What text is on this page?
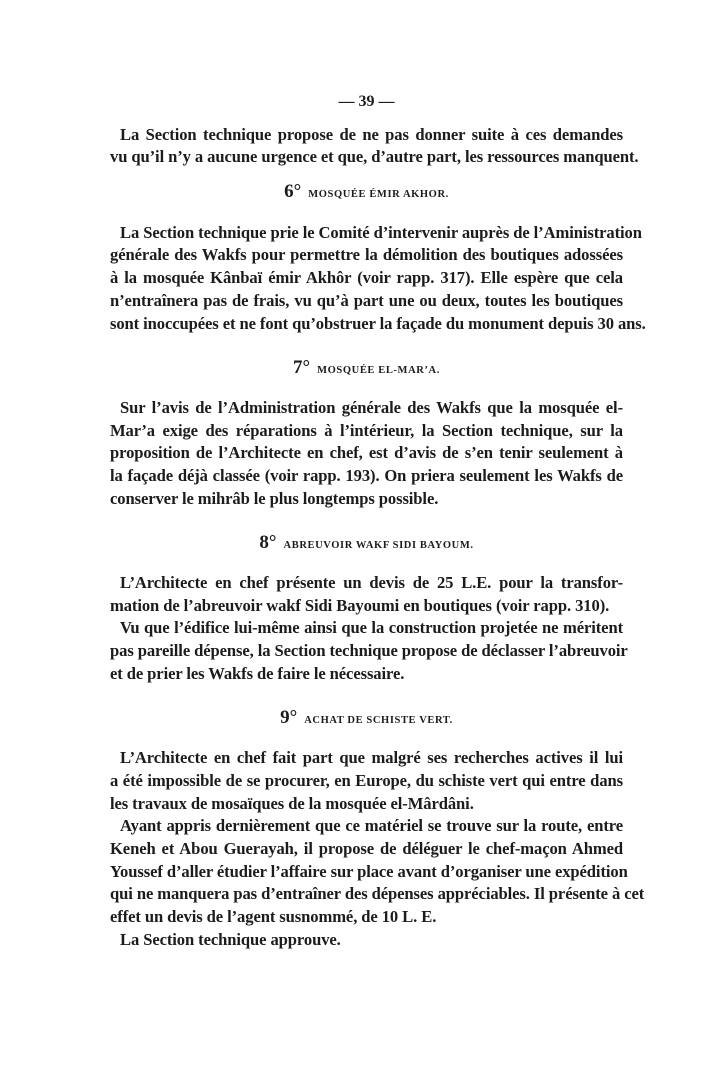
— 39 —
La Section technique propose de ne pas donner suite à ces demandes
vu qu’il n’y a aucune urgence et que, d’autre part, les ressources manquent.
6° MOSQUÉE ÉMIR AKHOR.
La Section technique prie le Comité d’intervenir auprès de l’Aministration
générale des Wakfs pour permettre la démolition des boutiques adossées
à la mosquée Kânbaï émir Akhôr (voir rapp. 317). Elle espère que cela
n’entraînera pas de frais, vu qu’à part une ou deux, toutes les boutiques
sont inoccupées et ne font qu’obstruer la façade du monument depuis 30 ans.
7° MOSQUÉE EL-MAR’A.
Sur l’avis de l’Administration générale des Wakfs que la mosquée el-
Mar’a exige des réparations à l’intérieur, la Section technique, sur la
proposition de l’Architecte en chef, est d’avis de s’en tenir seulement à
la façade déjà classée (voir rapp. 193). On priera seulement les Wakfs de
conserver le mihrâb le plus longtemps possible.
8° ABREUVOIR WAKF SIDI BAYOUM.
L’Architecte en chef présente un devis de 25 L.E. pour la transfor-
mation de l’abreuvoir wakf Sidi Bayoumi en boutiques (voir rapp. 310).
Vu que l’édifice lui-même ainsi que la construction projetée ne méritent
pas pareille dépense, la Section technique propose de déclasser l’abreuvoir
et de prier les Wakfs de faire le nécessaire.
9° ACHAT DE SCHISTE VERT.
L’Architecte en chef fait part que malgré ses recherches actives il lui
a été impossible de se procurer, en Europe, du schiste vert qui entre dans
les travaux de mosaïques de la mosquée el-Mârdâni.
Ayant appris dernièrement que ce matériel se trouve sur la route, entre
Keneh et Abou Guerayah, il propose de déléguer le chef-maçon Ahmed
Youssef d’aller étudier l’affaire sur place avant d’organiser une expédition
qui ne manquera pas d’entraîner des dépenses appréciables. Il présente à cet
effet un devis de l’agent susnommé, de 10 L. E.
La Section technique approuve.
